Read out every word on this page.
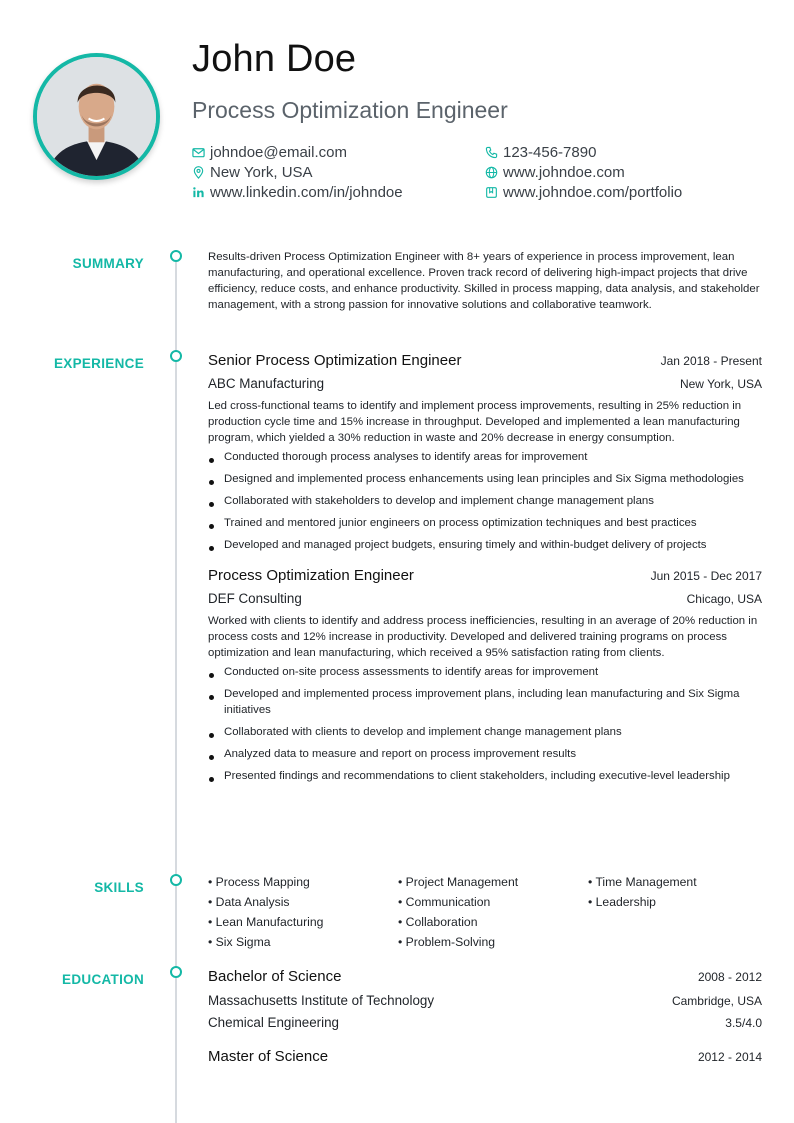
John Doe
Process Optimization Engineer
johndoe@email.com	123-456-7890
New York, USA	www.johndoe.com
www.linkedin.com/in/johndoe	www.johndoe.com/portfolio
SUMMARY	Results-driven Process Optimization Engineer with 8+ years of experience in process improvement, lean manufacturing, and operational excellence. Proven track record of delivering high-impact projects that drive efficiency, reduce costs, and enhance productivity. Skilled in process mapping, data analysis, and stakeholder management, with a strong passion for innovative solutions and collaborative teamwork.
EXPERIENCE	Senior Process Optimization Engineer	Jan 2018 - Present
ABC Manufacturing	New York, USA
Led cross-functional teams to identify and implement process improvements, resulting in 25% reduction in production cycle time and 15% increase in throughput. Developed and implemented a lean manufacturing program, which yielded a 30% reduction in waste and 20% decrease in energy consumption.
Conducted thorough process analyses to identify areas for improvement
Designed and implemented process enhancements using lean principles and Six Sigma methodologies
Collaborated with stakeholders to develop and implement change management plans
Trained and mentored junior engineers on process optimization techniques and best practices
Developed and managed project budgets, ensuring timely and within-budget delivery of projects
Process Optimization Engineer	Jun 2015 - Dec 2017
DEF Consulting	Chicago, USA
Worked with clients to identify and address process inefficiencies, resulting in an average of 20% reduction in process costs and 12% increase in productivity. Developed and delivered training programs on process optimization and lean manufacturing, which received a 95% satisfaction rating from clients.
Conducted on-site process assessments to identify areas for improvement
Developed and implemented process improvement plans, including lean manufacturing and Six Sigma initiatives
Collaborated with clients to develop and implement change management plans
Analyzed data to measure and report on process improvement results
Presented findings and recommendations to client stakeholders, including executive-level leadership
SKILLS	• Process Mapping	• Project Management	• Time Management
• Data Analysis	• Communication	• Leadership
• Lean Manufacturing	• Collaboration
• Six Sigma	• Problem-Solving
EDUCATION	Bachelor of Science	2008 - 2012
Massachusetts Institute of Technology	Cambridge, USA
Chemical Engineering	3.5/4.0
Master of Science	2012 - 2014
